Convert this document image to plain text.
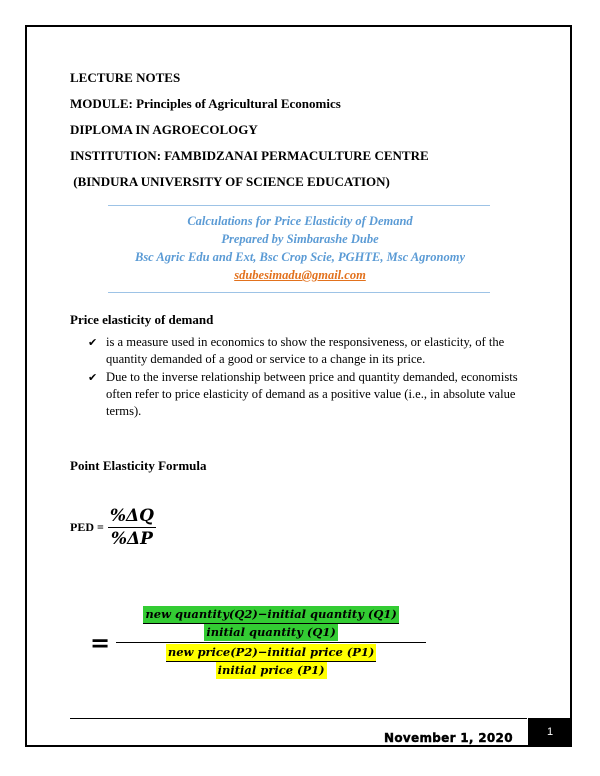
LECTURE NOTES
MODULE: Principles of Agricultural Economics
DIPLOMA IN AGROECOLOGY
INSTITUTION: FAMBIDZANAI PERMACULTURE CENTRE
(BINDURA UNIVERSITY OF SCIENCE EDUCATION)
Calculations for Price Elasticity of Demand
Prepared by Simbarashe Dube
Bsc Agric Edu and Ext, Bsc Crop Scie, PGHTE, Msc Agronomy
sdubesimadu@gmail.com
Price elasticity of demand
✔ is a measure used in economics to show the responsiveness, or elasticity, of the quantity demanded of a good or service to a change in its price.
✔ Due to the inverse relationship between price and quantity demanded, economists often refer to price elasticity of demand as a positive value (i.e., in absolute value terms).
Point Elasticity Formula
PED = $\frac{\%\Delta Q}{\%\Delta P}$
=
new quantity(Q2)−initial quantity (Q1)
initial quantity (Q1)
new price(P2)−initial price (P1)
initial price (P1)
November 1, 2020	1
